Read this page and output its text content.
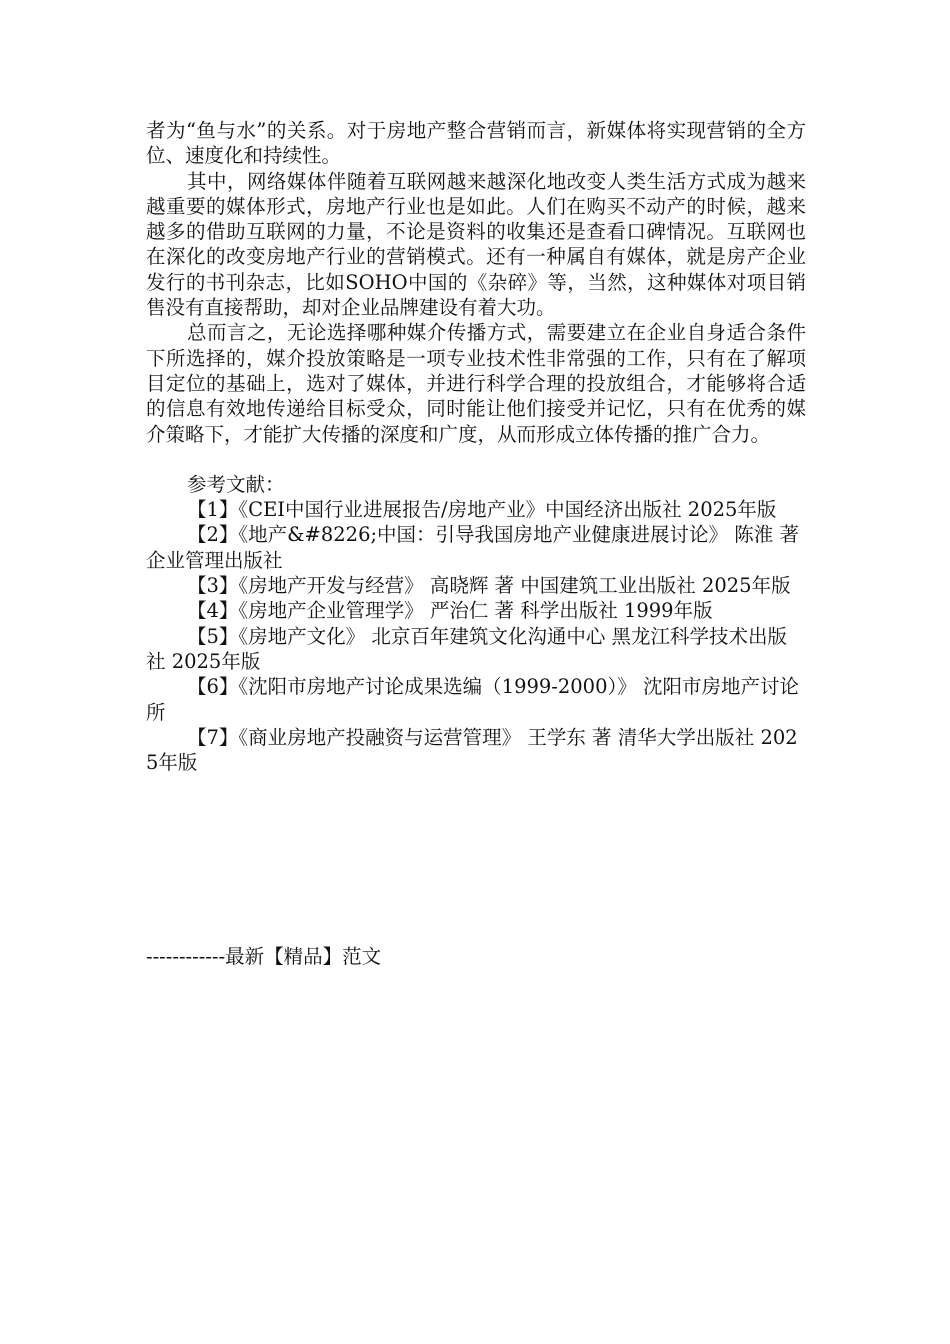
者为“鱼与水”的关系。对于房地产整合营销而言，新媒体将实现营销的全方位、速度化和持续性。

其中，网络媒体伴随着互联网越来越深化地改变人类生活方式成为越来越重要的媒体形式，房地产行业也是如此。人们在购买不动产的时候，越来越多的借助互联网的力量，不论是资料的收集还是查看口碑情况。互联网也在深化的改变房地产行业的营销模式。还有一种属自有媒体，就是房产企业发行的书刊杂志，比如SOHO中国的《杂碎》等，当然，这种媒体对项目销售没有直接帮助，却对企业品牌建设有着大功。

总而言之，无论选择哪种媒介传播方式，需要建立在企业自身适合条件下所选择的，媒介投放策略是一项专业技术性非常强的工作，只有在了解项目定位的基础上，选对了媒体，并进行科学合理的投放组合，才能够将合适的信息有效地传递给目标受众，同时能让他们接受并记忆，只有在优秀的媒介策略下，才能扩大传播的深度和广度，从而形成立体传播的推广合力。

参考文献：

【1】《CEI中国行业进展报告/房地产业》中国经济出版社 2025年版

【2】《地产&#8226;中国：引导我国房地产业健康进展讨论》 陈淮 著 企业管理出版社

【3】《房地产开发与经营》 高晓辉 著 中国建筑工业出版社 2025年版

【4】《房地产企业管理学》 严治仁 著 科学出版社 1999年版

【5】《房地产文化》 北京百年建筑文化沟通中心 黑龙江科学技术出版社 2025年版

【6】《沈阳市房地产讨论成果选编（1999-2000）》 沈阳市房地产讨论所

【7】《商业房地产投融资与运营管理》 王学东 著 清华大学出版社 2025年版

------------最新【精品】范文
